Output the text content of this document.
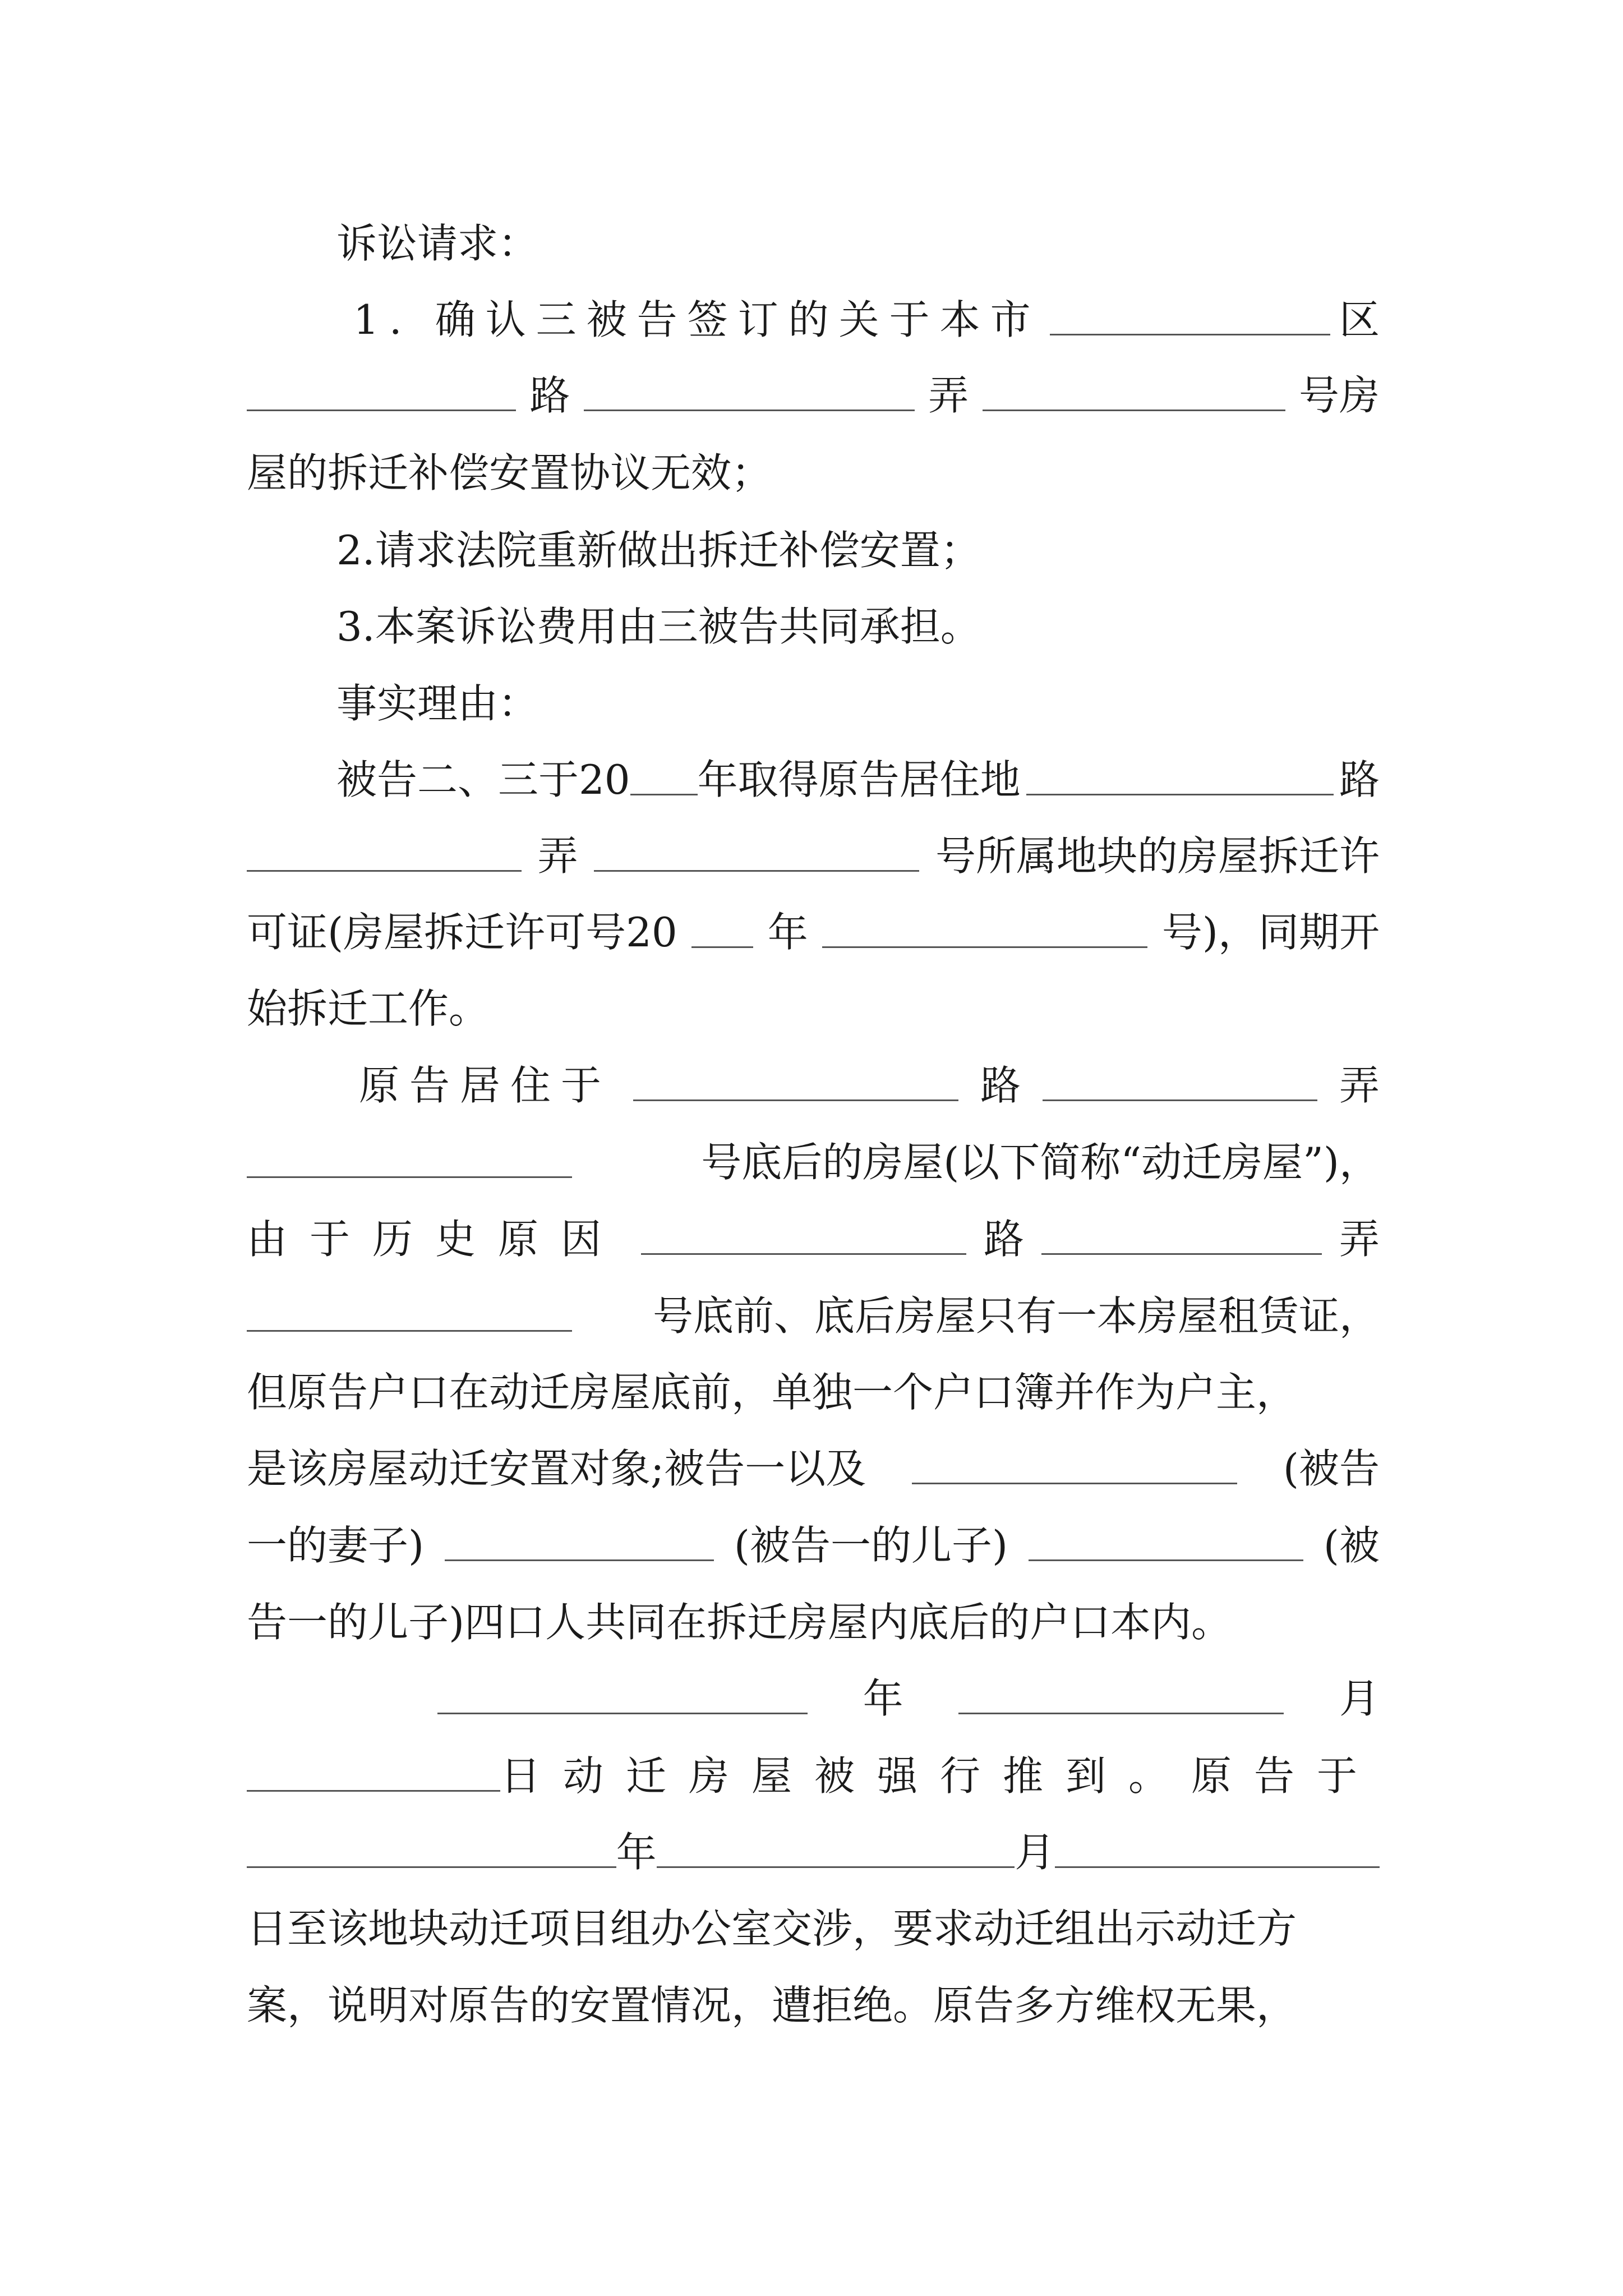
诉讼请求：
1. 确认三被告签订的关于本市	区
路	弄	号房
屋的拆迁补偿安置协议无效；
2.请求法院重新做出拆迁补偿安置；
3.本案诉讼费用由三被告共同承担。
事实理由：
被告二、三于20 年取得原告居住地	路
弄	号所属地块的房屋拆迁许
可证(房屋拆迁许可号20 年	号)，同期开
始拆迁工作。
原告居住于	路	弄
号底后的房屋(以下简称“动迁房屋”)，
由于历史原因	路	弄
号底前、底后房屋只有一本房屋租赁证，
但原告户口在动迁房屋底前，单独一个户口簿并作为户主，
是该房屋动迁安置对象;被告一以及	(被告
一的妻子)	(被告一的儿子)	(被
告一的儿子)四口人共同在拆迁房屋内底后的户口本内。
年	月
日动迁房屋被强行推到。原告于
年	月
日至该地块动迁项目组办公室交涉，要求动迁组出示动迁方
案，说明对原告的安置情况，遭拒绝。原告多方维权无果，
